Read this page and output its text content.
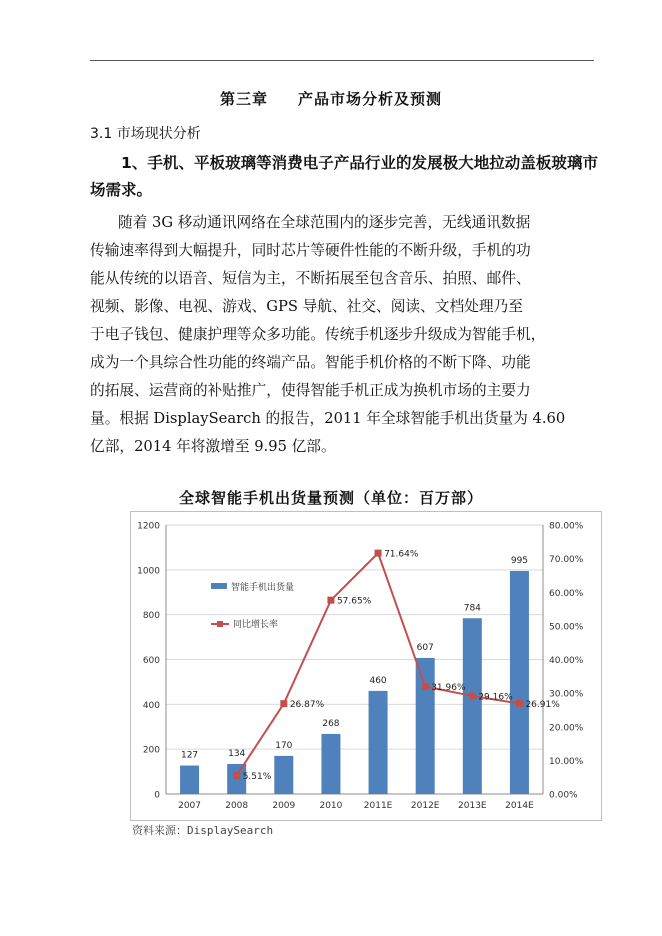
第三章 产品市场分析及预测
3.1 市场现状分析
1、手机、平板玻璃等消费电子产品行业的发展极大地拉动盖板玻璃市场需求。
随着 3G 移动通讯网络在全球范围内的逐步完善，无线通讯数据
传输速率得到大幅提升，同时芯片等硬件性能的不断升级，手机的功
能从传统的以语音、短信为主，不断拓展至包含音乐、拍照、邮件、
视频、影像、电视、游戏、GPS 导航、社交、阅读、文档处理乃至
于电子钱包、健康护理等众多功能。传统手机逐步升级成为智能手机，
成为一个具综合性功能的终端产品。智能手机价格的不断下降、功能
的拓展、运营商的补贴推广，使得智能手机正成为换机市场的主要力
量。根据 DisplaySearch 的报告，2011 年全球智能手机出货量为 4.60
亿部，2014 年将激增至 9.95 亿部。
全球智能手机出货量预测（单位：百万部）
0
200
400
600
800
1000
1200
0.00%
10.00%
20.00%
30.00%
40.00%
50.00%
60.00%
70.00%
80.00%
127	134
170
268
460
607
784
995
2007	2008	2009	2010 2011E 2012E 2013E 2014E
5.51%
26.87%
57.65%
71.64%
31.96%
29.16%
26.91%
智能手机出货量
同比增长率
资料来源：DisplaySearch
